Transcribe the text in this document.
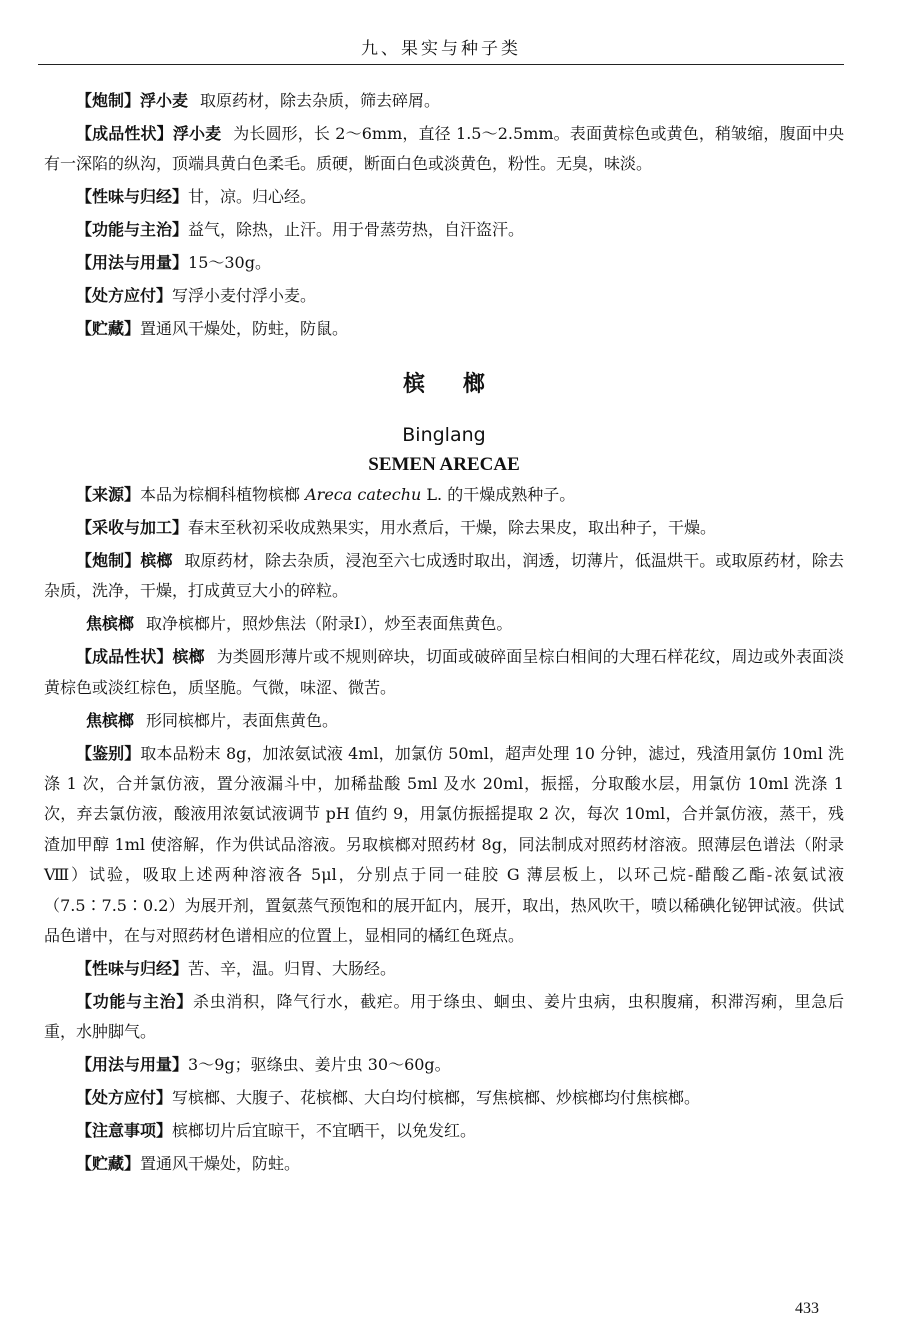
九、果实与种子类

【炮制】浮小麦 取原药材，除去杂质，筛去碎屑。

【成品性状】浮小麦 为长圆形，长 2～6mm，直径 1.5～2.5mm。表面黄棕色或黄色，稍皱缩，腹面中央有一深陷的纵沟，顶端具黄白色柔毛。质硬，断面白色或淡黄色，粉性。无臭，味淡。

【性味与归经】甘，凉。归心经。

【功能与主治】益气，除热，止汗。用于骨蒸劳热，自汗盗汗。

【用法与用量】15～30g。

【处方应付】写浮小麦付浮小麦。

【贮藏】置通风干燥处，防蛀，防鼠。

槟榔
Binglang
SEMEN ARECAE

【来源】本品为棕榈科植物槟榔 Areca catechu L. 的干燥成熟种子。

【采收与加工】春末至秋初采收成熟果实，用水煮后，干燥，除去果皮，取出种子，干燥。

【炮制】槟榔 取原药材，除去杂质，浸泡至六七成透时取出，润透，切薄片，低温烘干。或取原药材，除去杂质，洗净，干燥，打成黄豆大小的碎粒。

焦槟榔 取净槟榔片，照炒焦法（附录Ⅰ），炒至表面焦黄色。

【成品性状】槟榔 为类圆形薄片或不规则碎块，切面或破碎面呈棕白相间的大理石样花纹，周边或外表面淡黄棕色或淡红棕色，质坚脆。气微，味涩、微苦。

焦槟榔 形同槟榔片，表面焦黄色。

【鉴别】取本品粉末 8g，加浓氨试液 4ml，加氯仿 50ml，超声处理 10 分钟，滤过，残渣用氯仿 10ml 洗涤 1 次，合并氯仿液，置分液漏斗中，加稀盐酸 5ml 及水 20ml，振摇，分取酸水层，用氯仿 10ml 洗涤 1 次，弃去氯仿液，酸液用浓氨试液调节 pH 值约 9，用氯仿振摇提取 2 次，每次 10ml，合并氯仿液，蒸干，残渣加甲醇 1ml 使溶解，作为供试品溶液。另取槟榔对照药材 8g，同法制成对照药材溶液。照薄层色谱法（附录Ⅷ）试验，吸取上述两种溶液各 5μl，分别点于同一硅胶 G 薄层板上，以环己烷-醋酸乙酯-浓氨试液（7.5∶7.5∶0.2）为展开剂，置氨蒸气预饱和的展开缸内，展开，取出，热风吹干，喷以稀碘化铋钾试液。供试品色谱中，在与对照药材色谱相应的位置上，显相同的橘红色斑点。

【性味与归经】苦、辛，温。归胃、大肠经。

【功能与主治】杀虫消积，降气行水，截疟。用于绦虫、蛔虫、姜片虫病，虫积腹痛，积滞泻痢，里急后重，水肿脚气。

【用法与用量】3～9g；驱绦虫、姜片虫 30～60g。

【处方应付】写槟榔、大腹子、花槟榔、大白均付槟榔，写焦槟榔、炒槟榔均付焦槟榔。

【注意事项】槟榔切片后宜晾干，不宜晒干，以免发红。

【贮藏】置通风干燥处，防蛀。

433
